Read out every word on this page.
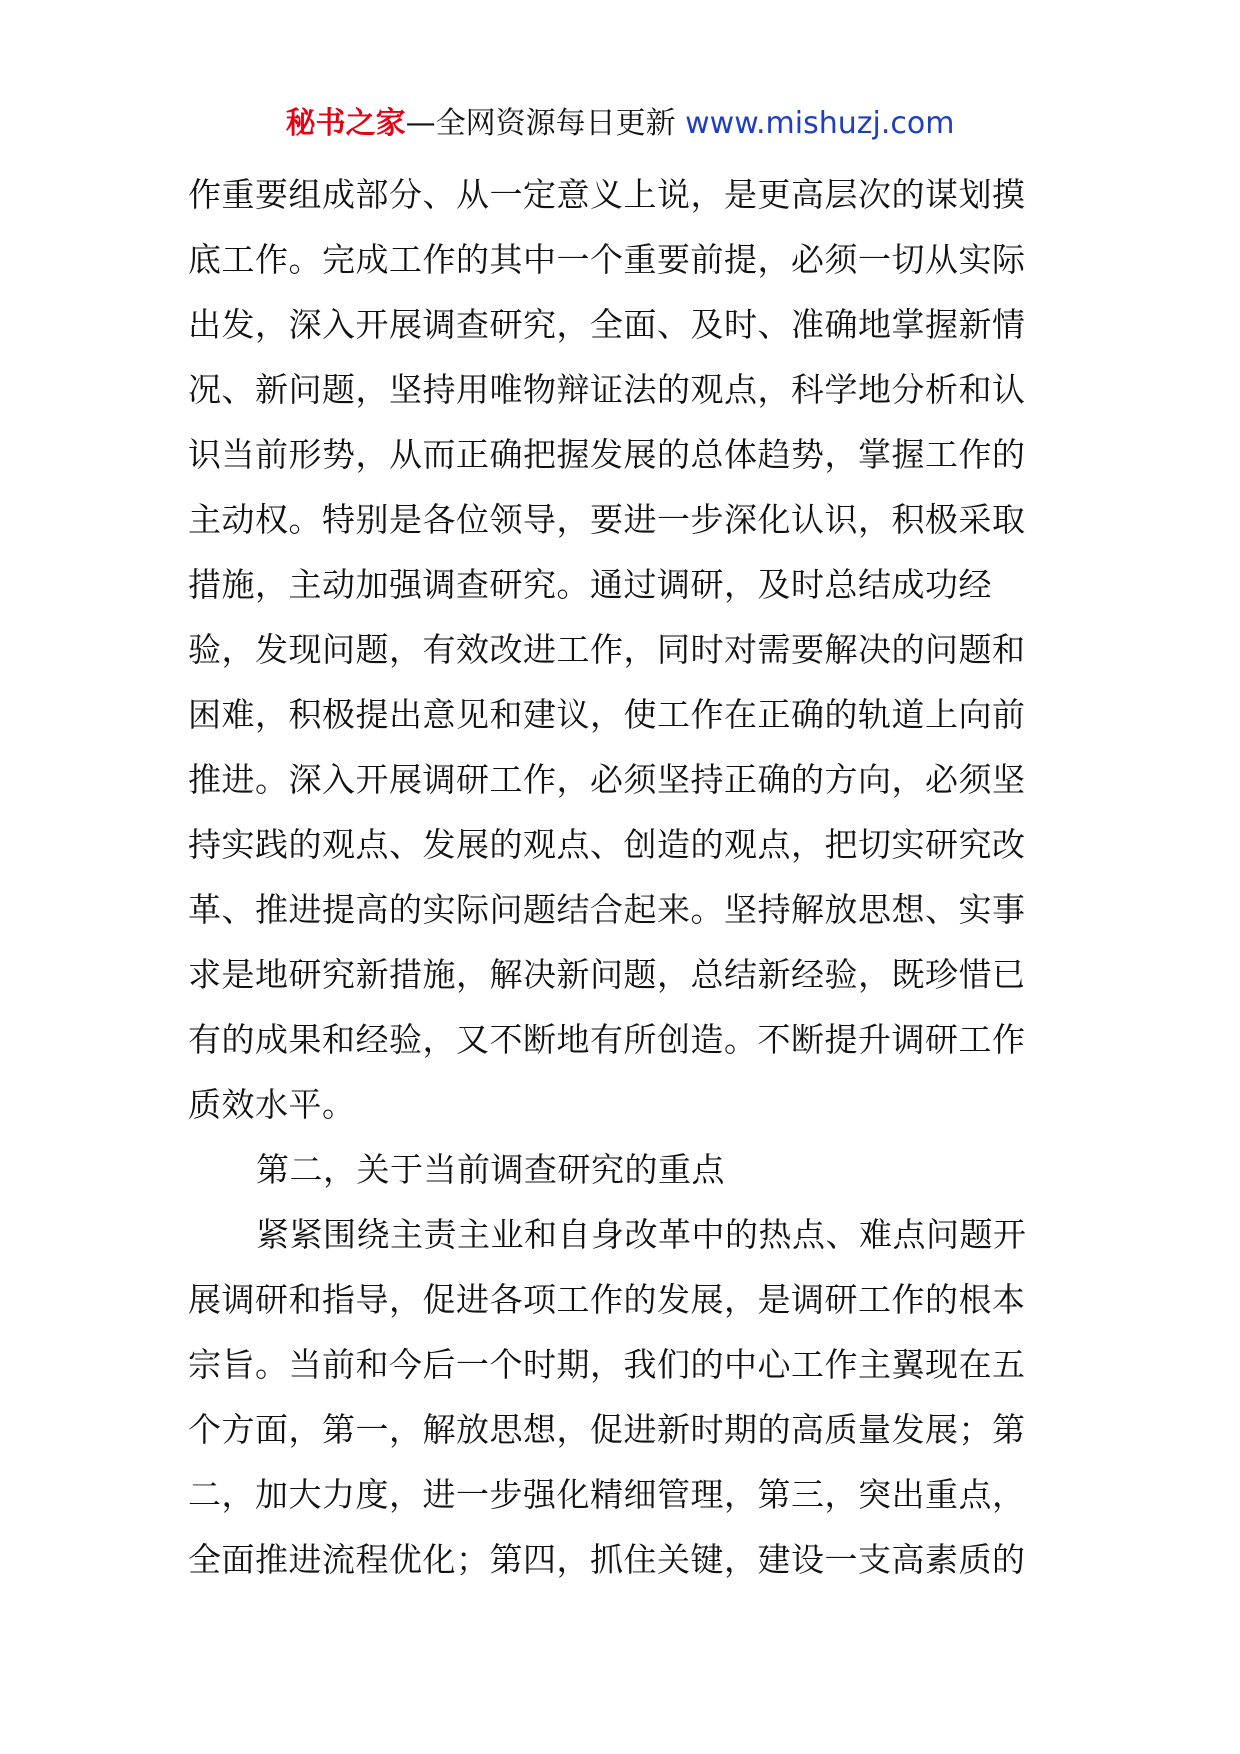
秘书之家—全网资源每日更新 www.mishuzj.com
作重要组成部分、从一定意义上说，是更高层次的谋划摸
底工作。完成工作的其中一个重要前提，必须一切从实际
出发，深入开展调查研究，全面、及时、准确地掌握新情
况、新问题，坚持用唯物辩证法的观点，科学地分析和认
识当前形势，从而正确把握发展的总体趋势，掌握工作的
主动权。特别是各位领导，要进一步深化认识，积极采取
措施，主动加强调查研究。通过调研，及时总结成功经
验，发现问题，有效改进工作，同时对需要解决的问题和
困难，积极提出意见和建议，使工作在正确的轨道上向前
推进。深入开展调研工作，必须坚持正确的方向，必须坚
持实践的观点、发展的观点、创造的观点，把切实研究改
革、推进提高的实际问题结合起来。坚持解放思想、实事
求是地研究新措施，解决新问题，总结新经验，既珍惜已
有的成果和经验，又不断地有所创造。不断提升调研工作
质效水平。
第二，关于当前调查研究的重点
紧紧围绕主责主业和自身改革中的热点、难点问题开
展调研和指导，促进各项工作的发展，是调研工作的根本
宗旨。当前和今后一个时期，我们的中心工作主翼现在五
个方面，第一，解放思想，促进新时期的高质量发展；第
二，加大力度，进一步强化精细管理，第三，突出重点，
全面推进流程优化；第四，抓住关键，建设一支高素质的
